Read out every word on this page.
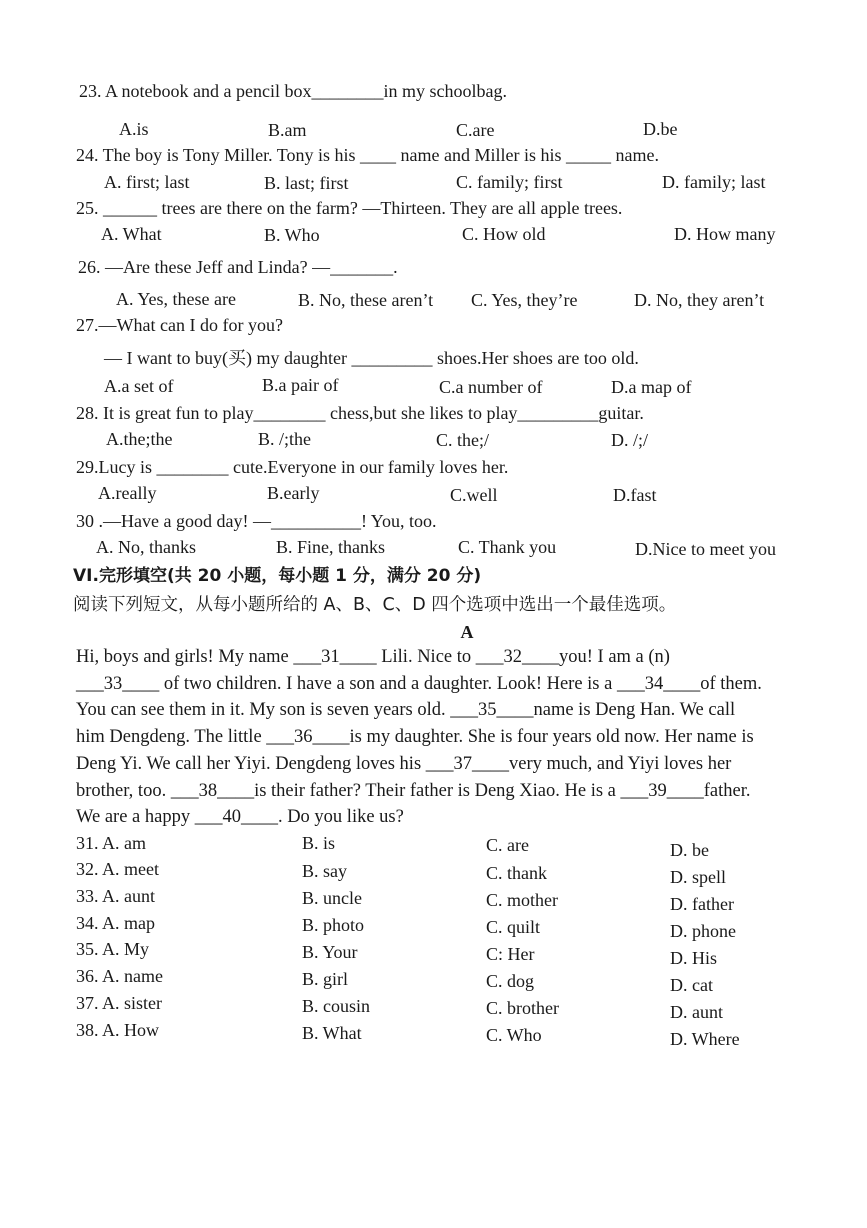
23. A notebook and a pencil box________in my schoolbag.
A.is	B.am	C.are	D.be
24. The boy is Tony Miller. Tony is his ____ name and Miller is his _____ name.
A. first; last	B. last; first	C. family; first	D. family; last
25. ______ trees are there on the farm? —Thirteen. They are all apple trees.
A. What	B. Who	C. How old	D. How many
26. —Are these Jeff and Linda? —_______.
A. Yes, these are	B. No, these aren’t C. Yes, they’re	D. No, they aren’t
27.—What can I do for you?
— I want to buy(买) my daughter _________ shoes.Her shoes are too old.
A.a set of	B.a pair of	C.a number of	D.a map of
28. It is great fun to play________ chess,but she likes to play_________guitar.
A.the;the	B. /;the	C. the;/	D. /;/
29.Lucy is ________ cute.Everyone in our family loves her.
A.really	B.early	C.well	D.fast
30 .—Have a good day! —__________! You, too.
A. No, thanks	B. Fine, thanks	C. Thank you	D.Nice to meet you
VI.完形填空(共 20 小题，每小题 1 分，满分 20 分)
阅读下列短文，从每小题所给的 A、B、C、D 四个选项中选出一个最佳选项。
A
Hi, boys and girls! My name ___31____ Lili. Nice to ___32____you! I am a (n)
___33____ of two children. I have a son and a daughter. Look! Here is a ___34____of them.
You can see them in it. My son is seven years old. ___35____name is Deng Han. We call
him Dengdeng. The little ___36____is my daughter. She is four years old now. Her name is
Deng Yi. We call her Yiyi. Dengdeng loves his ___37____very much, and Yiyi loves her
brother, too. ___38____is their father? Their father is Deng Xiao. He is a ___39____father.
We are a happy ___40____. Do you like us?
31. A. am	B. is	C. are	D. be
32. A. meet	B. say	C. thank	D. spell
33. A. aunt	B. uncle	C. mother	D. father
34. A. map	B. photo	C. quilt	D. phone
35. A. My	B. Your	C: Her	D. His
36. A. name	B. girl	C. dog	D. cat
37. A. sister	B. cousin	C. brother	D. aunt
38. A. How	B. What	C. Who	D. Where
